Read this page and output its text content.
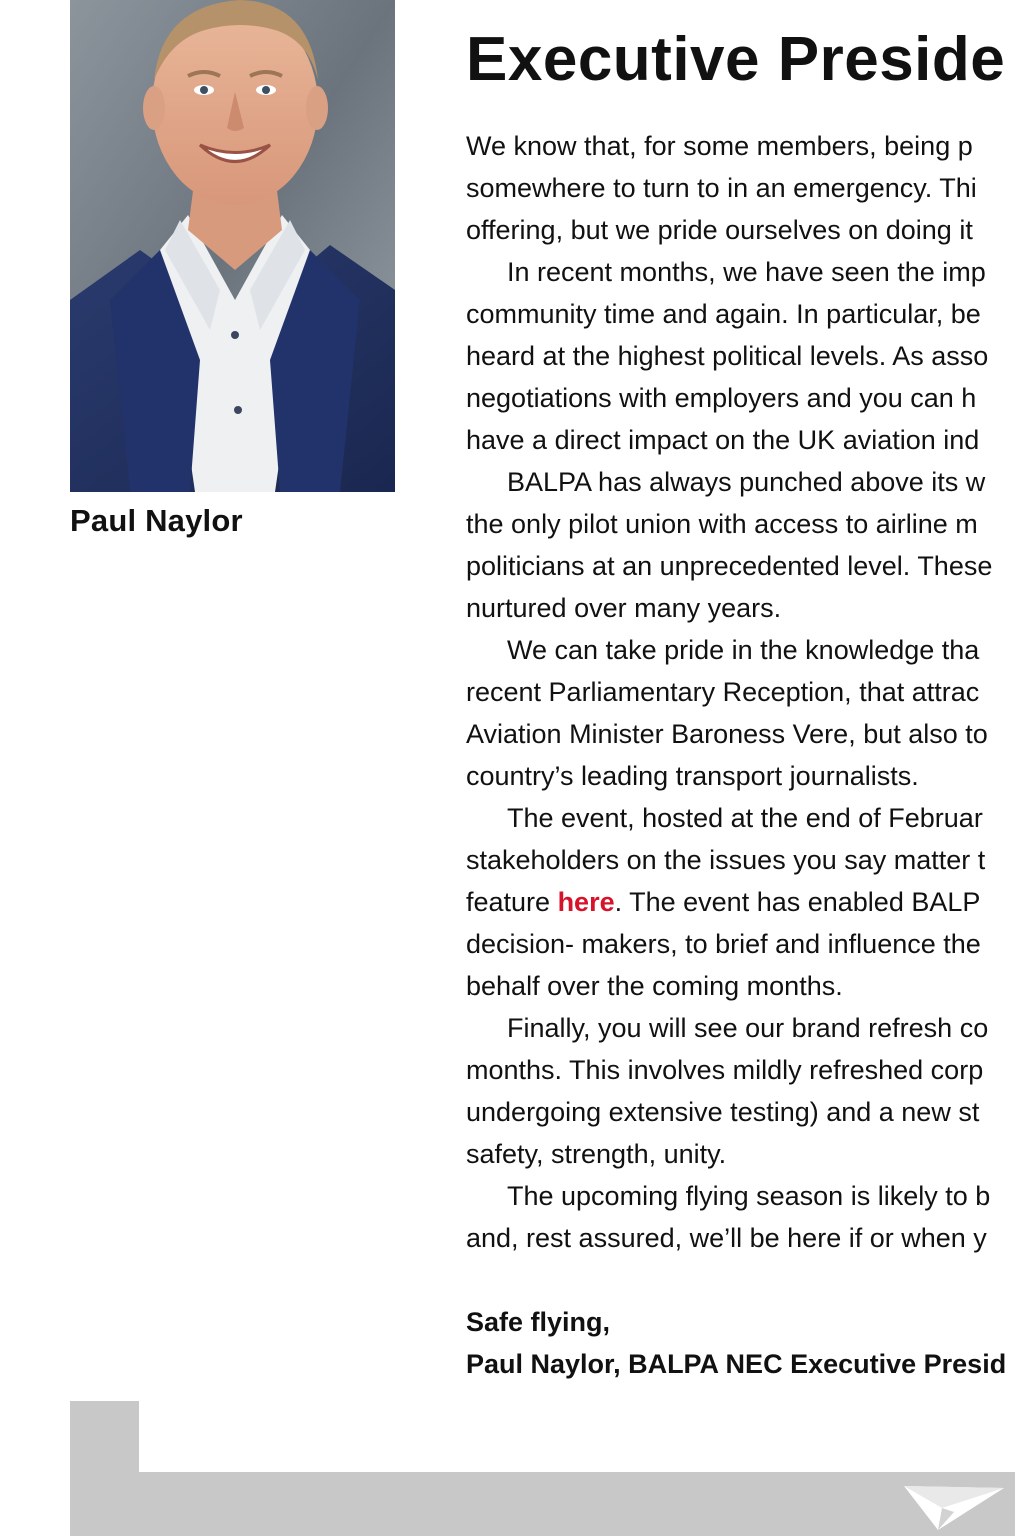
Paul Naylor
Executive Preside
We know that, for some members, being p
somewhere to turn to in an emergency. Thi
offering, but we pride ourselves on doing it
In recent months, we have seen the imp
community time and again. In particular, be
heard at the highest political levels. As asso
negotiations with employers and you can h
have a direct impact on the UK aviation ind
BALPA has always punched above its w
the only pilot union with access to airline m
politicians at an unprecedented level. These
nurtured over many years.
We can take pride in the knowledge tha
recent Parliamentary Reception, that attrac
Aviation Minister Baroness Vere, but also to
country’s leading transport journalists.
The event, hosted at the end of Februar
stakeholders on the issues you say matter t
feature here. The event has enabled BALP
decision- makers, to brief and influence the
behalf over the coming months.
Finally, you will see our brand refresh co
months. This involves mildly refreshed corp
undergoing extensive testing) and a new st
safety, strength, unity.
The upcoming flying season is likely to b
and, rest assured, we’ll be here if or when y
Safe flying,
Paul Naylor, BALPA NEC Executive Presid
